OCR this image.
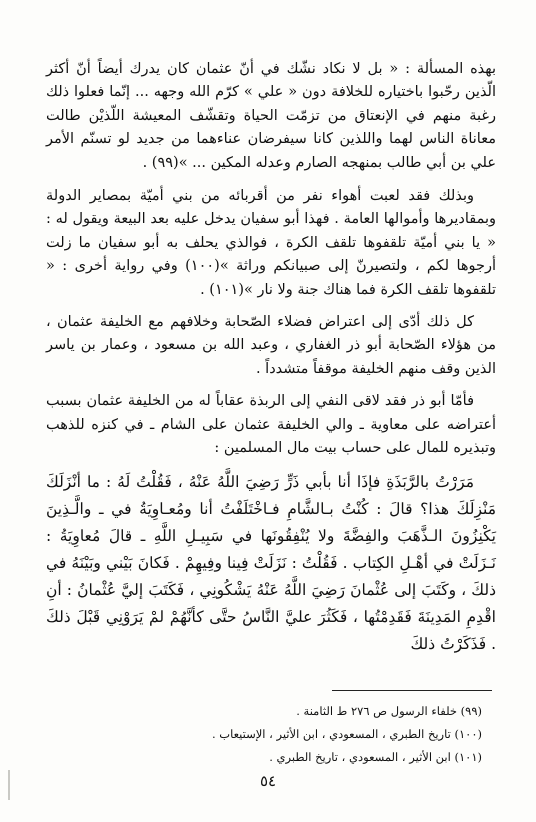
بهذه المسألة : « بل لا نكاد نشّك في أنّ عثمان كان يدرك أيضاً أنّ أكثر الّذين رحّبوا باختياره للخلافة دون « علي » كرّم الله وجهه ... إنّما فعلوا ذلك رغبة منهم في الإنعتاق من تزمّت الحياة وتقشّف المعيشة اللّذيْن طالت معاناة الناس لهما واللذين كانا سيفرضان عناءهما من جديد لو تسنّم الأمر علي بن أبي طالب بمنهجه الصارم وعدله المكين ... »(٩٩) .

وبذلك فقد لعبت أهواء نفر من أقربائه من بني أميّة بمصاير الدولة وبمقاديرها وأموالها العامة . فهذا أبو سفيان يدخل عليه بعد البيعة ويقول له : « يا بني أميّة تلقفوها تلقف الكرة ، فوالذي يحلف به أبو سفيان ما زلت أرجوها لكم ، ولتصيرنّ إلى صبيانكم وراثة »(١٠٠) وفي رواية أخرى : « تلقفوها تلقف الكرة فما هناك جنة ولا نار »(١٠١) .

كل ذلك أدّى إلى اعتراض فضلاء الصّحابة وخلافهم مع الخليفة عثمان ، من هؤلاء الصّحابة أبو ذر الغفاري ، وعبد الله بن مسعود ، وعمار بن ياسر الذين وقف منهم الخليفة موقفاً متشدداً .

فأمّا أبو ذر فقد لاقى النفي إلى الربذة عقاباً له من الخليفة عثمان بسبب أعتراضه على معاوية ـ والي الخليفة عثمان على الشام ـ في كنزه للذهب وتبذيره للمال على حساب بيت مال المسلمين :

مَرَرْتُ بالرَّبَذَةِ فإذَا أنا بأبي ذَرٍّ رَضِيَ اللَّهُ عَنْهُ ، فَقُلْتُ لَهُ : ما أنْزَلَكَ مَنْزِلَكَ هذا؟ قالَ : كُنْتُ بـالشَّامِ فـاخْتَلَفْتُ أنا ومُعـاوِيَةُ في ـ والَّـذِينَ يَكْنِزُونَ الـذَّهَبَ والفِضَّةَ ولا يُنْفِقُونَها في سَبِيـلِ اللَّهِ ـ قالَ مُعاوِيَةُ : نَـزَلَتْ في أهْـلِ الكِتاب . فَقُلْتُ : نَزَلَتْ فِينا وفِيهِمْ . فَكانَ بَيْني وبَيْنَهُ في ذلكَ ، وكَتَبَ إلى عُثْمانَ رَضِيَ اللَّهُ عَنْهُ يَشْكُونِي ، فَكَتَبَ إليَّ عُثْمانُ : أنِ اقْدِمِ المَدِينَةَ فَقَدِمْتُها ، فَكَثُرَ عليَّ النَّاسُ حتَّى كأنَّهُمْ لمْ يَرَوْنِي قَبْلَ ذلكَ . فَذَكَرْتُ ذلكَ

(٩٩) خلفاء الرسول ص ٢٧٦ ط الثامنة .

(١٠٠) تاريخ الطبري ، المسعودي ، ابن الأثير ، الإستيعاب .

(١٠١) ابن الأثير ، المسعودي ، تاريخ الطبري .

٥٤
